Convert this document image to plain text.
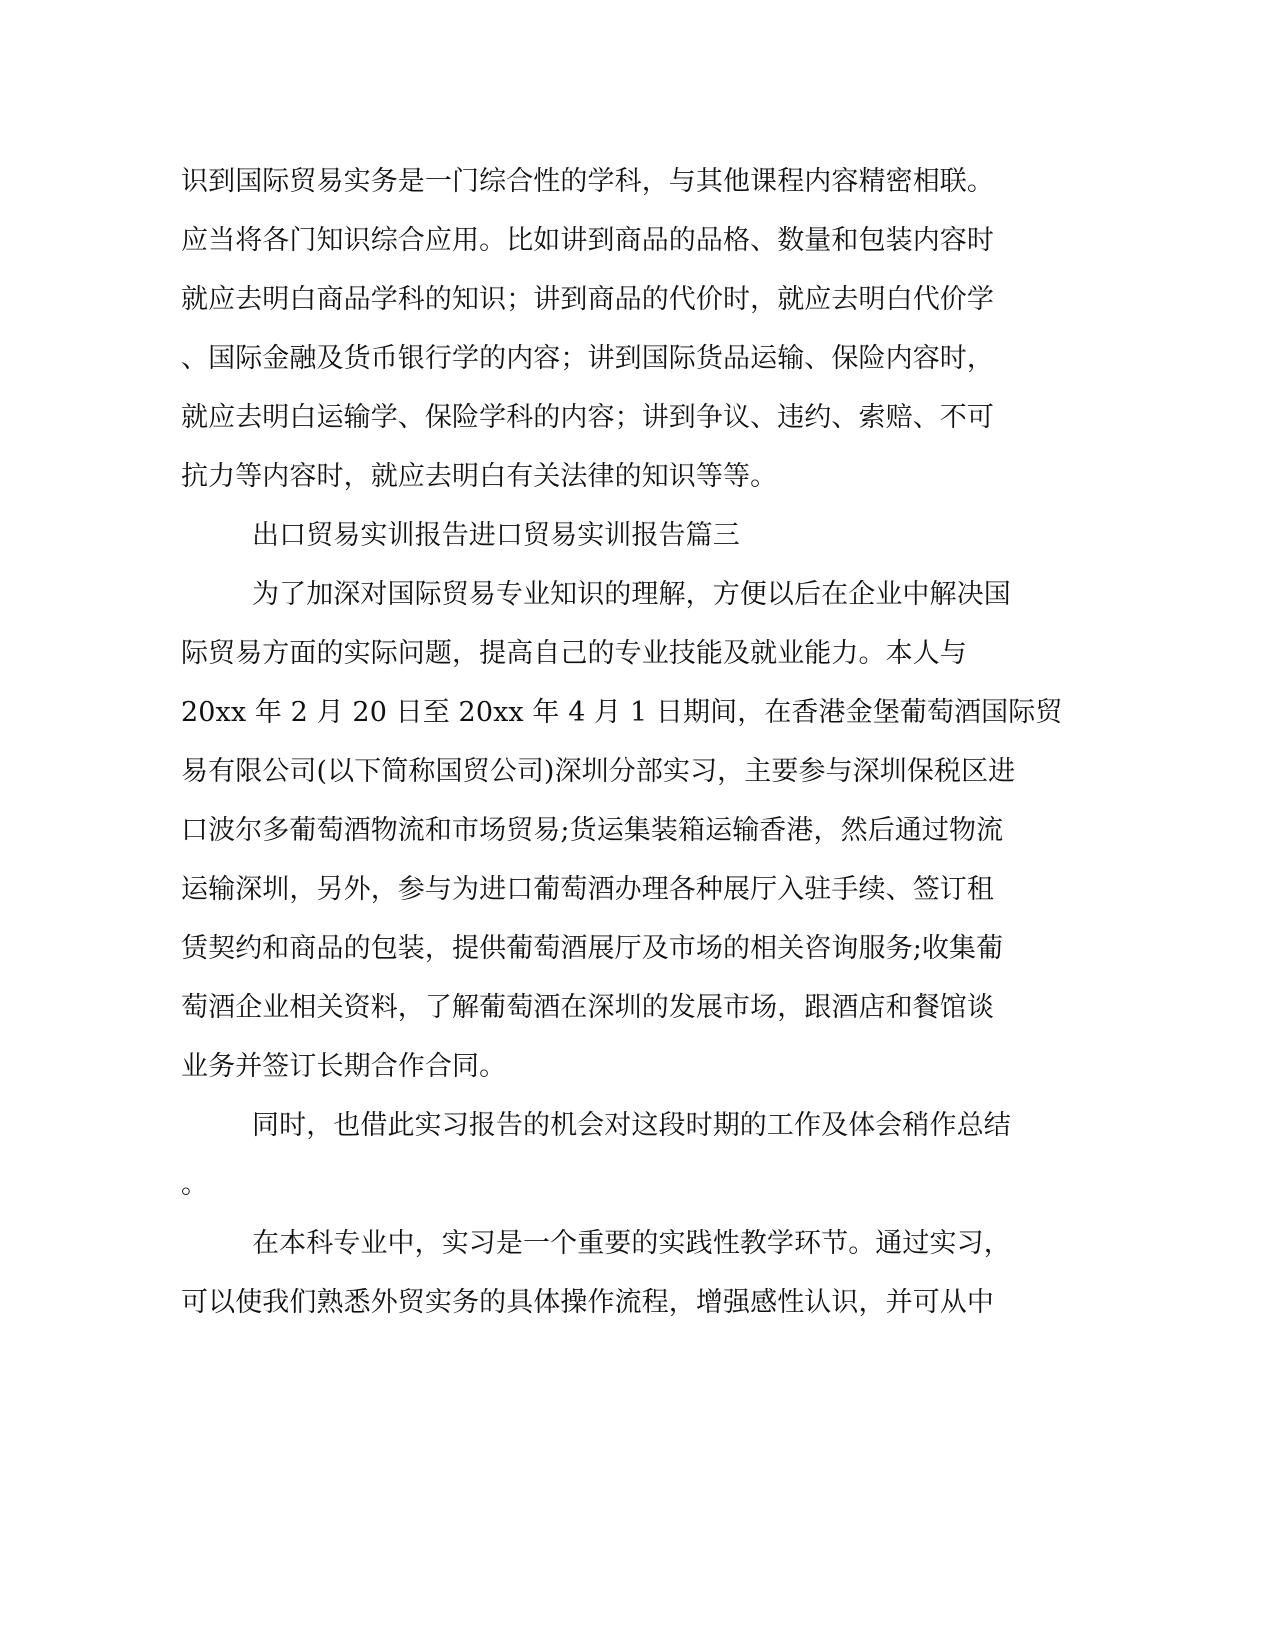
识到国际贸易实务是一门综合性的学科，与其他课程内容精密相联。
应当将各门知识综合应用。比如讲到商品的品格、数量和包装内容时
就应去明白商品学科的知识；讲到商品的代价时，就应去明白代价学
、国际金融及货币银行学的内容；讲到国际货品运输、保险内容时，
就应去明白运输学、保险学科的内容；讲到争议、违约、索赔、不可
抗力等内容时，就应去明白有关法律的知识等等。
出口贸易实训报告进口贸易实训报告篇三
为了加深对国际贸易专业知识的理解，方便以后在企业中解决国
际贸易方面的实际问题，提高自己的专业技能及就业能力。本人与
20xx 年 2 月 20 日至 20xx 年 4 月 1 日期间，在香港金堡葡萄酒国际贸
易有限公司(以下简称国贸公司)深圳分部实习，主要参与深圳保税区进
口波尔多葡萄酒物流和市场贸易;货运集装箱运输香港，然后通过物流
运输深圳，另外，参与为进口葡萄酒办理各种展厅入驻手续、签订租
赁契约和商品的包装，提供葡萄酒展厅及市场的相关咨询服务;收集葡
萄酒企业相关资料，了解葡萄酒在深圳的发展市场，跟酒店和餐馆谈
业务并签订长期合作合同。
同时，也借此实习报告的机会对这段时期的工作及体会稍作总结
。
在本科专业中，实习是一个重要的实践性教学环节。通过实习，
可以使我们熟悉外贸实务的具体操作流程，增强感性认识，并可从中
